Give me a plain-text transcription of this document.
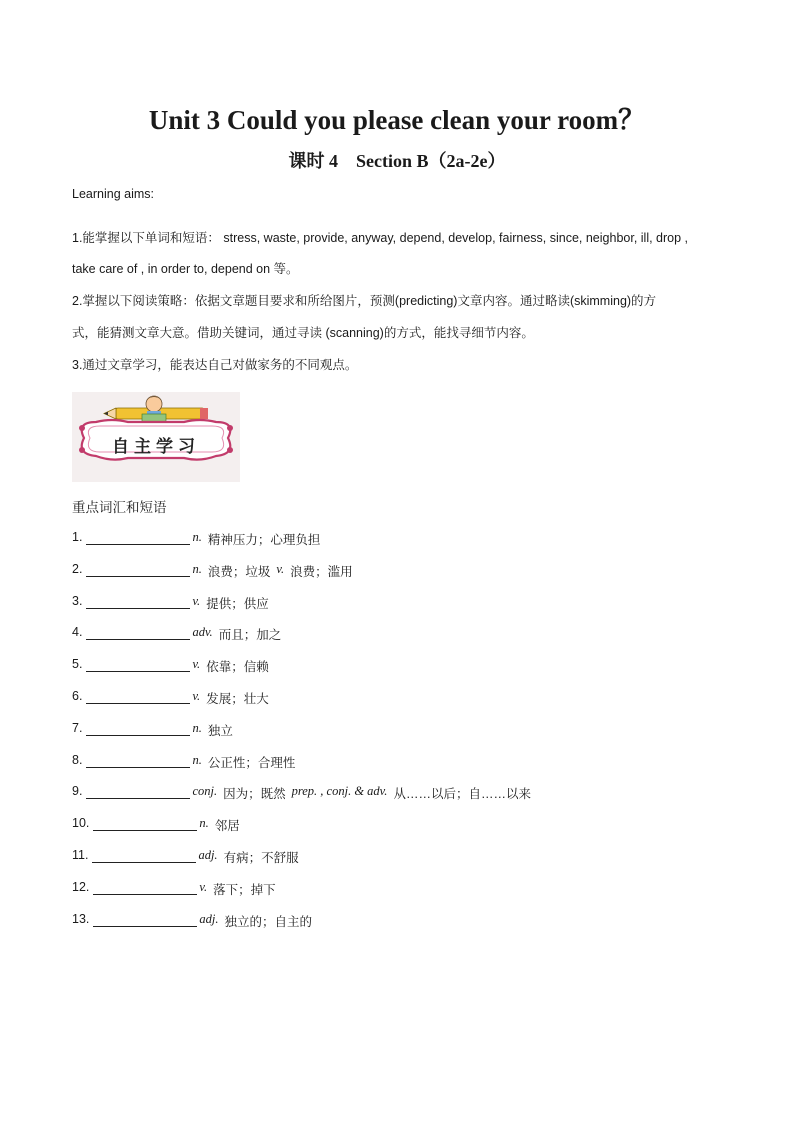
Unit 3 Could you please clean your room？
课时 4　Section B（2a-2e）
Learning aims:
1.能掌握以下单词和短语： stress, waste, provide, anyway, depend, develop, fairness, since, neighbor, ill, drop ,
take care of , in order to, depend on 等。
2.掌握以下阅读策略：依据文章题目要求和所给图片，预测(predicting)文章内容。通过略读(skimming)的方
式，能猜测文章大意。借助关键词，通过寻读 (scanning)的方式，能找寻细节内容。
3.通过文章学习，能表达自己对做家务的不同观点。
自主学习
重点词汇和短语
1.	n. 精神压力；心理负担
2.	n. 浪费；垃圾 v. 浪费；滥用
3.	v. 提供；供应
4.	adv. 而且；加之
5.	v. 依靠；信赖
6.	v. 发展；壮大
7.	n. 独立
8.	n. 公正性；合理性
9.	conj. 因为；既然 prep. , conj. & adv. 从……以后；自……以来
10.	n. 邻居
11.	adj. 有病；不舒服
12.	v. 落下；掉下
13.	adj. 独立的；自主的
